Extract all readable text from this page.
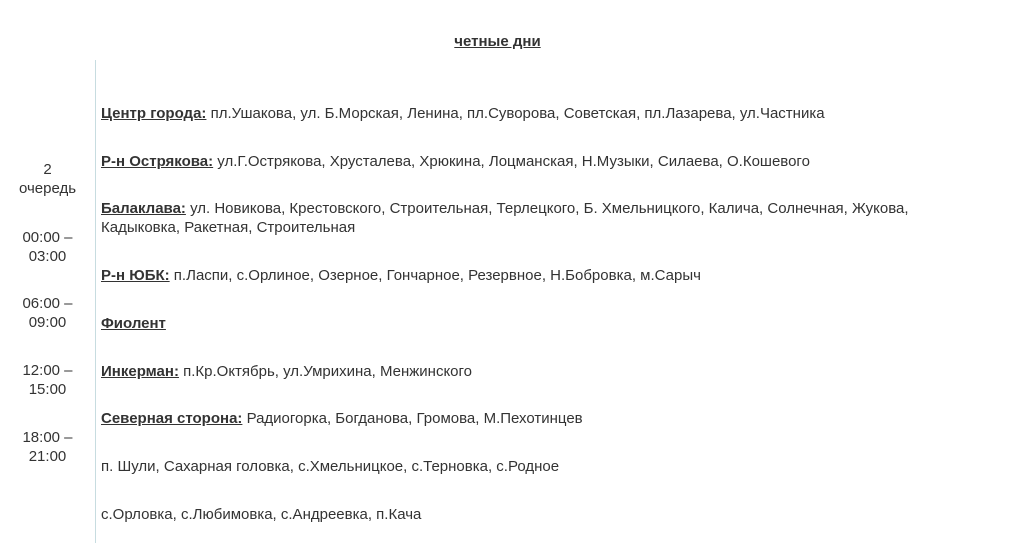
четные дни
2
очередь
00:00 –
03:00
06:00 –
09:00
12:00 –
15:00
18:00 –
21:00
Центр города: пл.Ушакова, ул. Б.Морская, Ленина, пл.Суворова, Советская, пл.Лазарева, ул.Частника
Р-н Острякова: ул.Г.Острякова, Хрусталева, Хрюкина, Лоцманская, Н.Музыки, Силаева, О.Кошевого
Балаклава: ул. Новикова, Крестовского, Строительная, Терлецкого, Б. Хмельницкого, Калича, Солнечная, Жукова, Кадыковка, Ракетная, Строительная
Р-н ЮБК: п.Ласпи, с.Орлиное, Озерное, Гончарное, Резервное, Н.Бобровка, м.Сарыч
Фиолент
Инкерман: п.Кр.Октябрь, ул.Умрихина, Менжинского
Северная сторона: Радиогорка, Богданова, Громова, М.Пехотинцев
п. Шули, Сахарная головка, с.Хмельницкое, с.Терновка, с.Родное
с.Орловка, с.Любимовка, с.Андреевка, п.Кача
